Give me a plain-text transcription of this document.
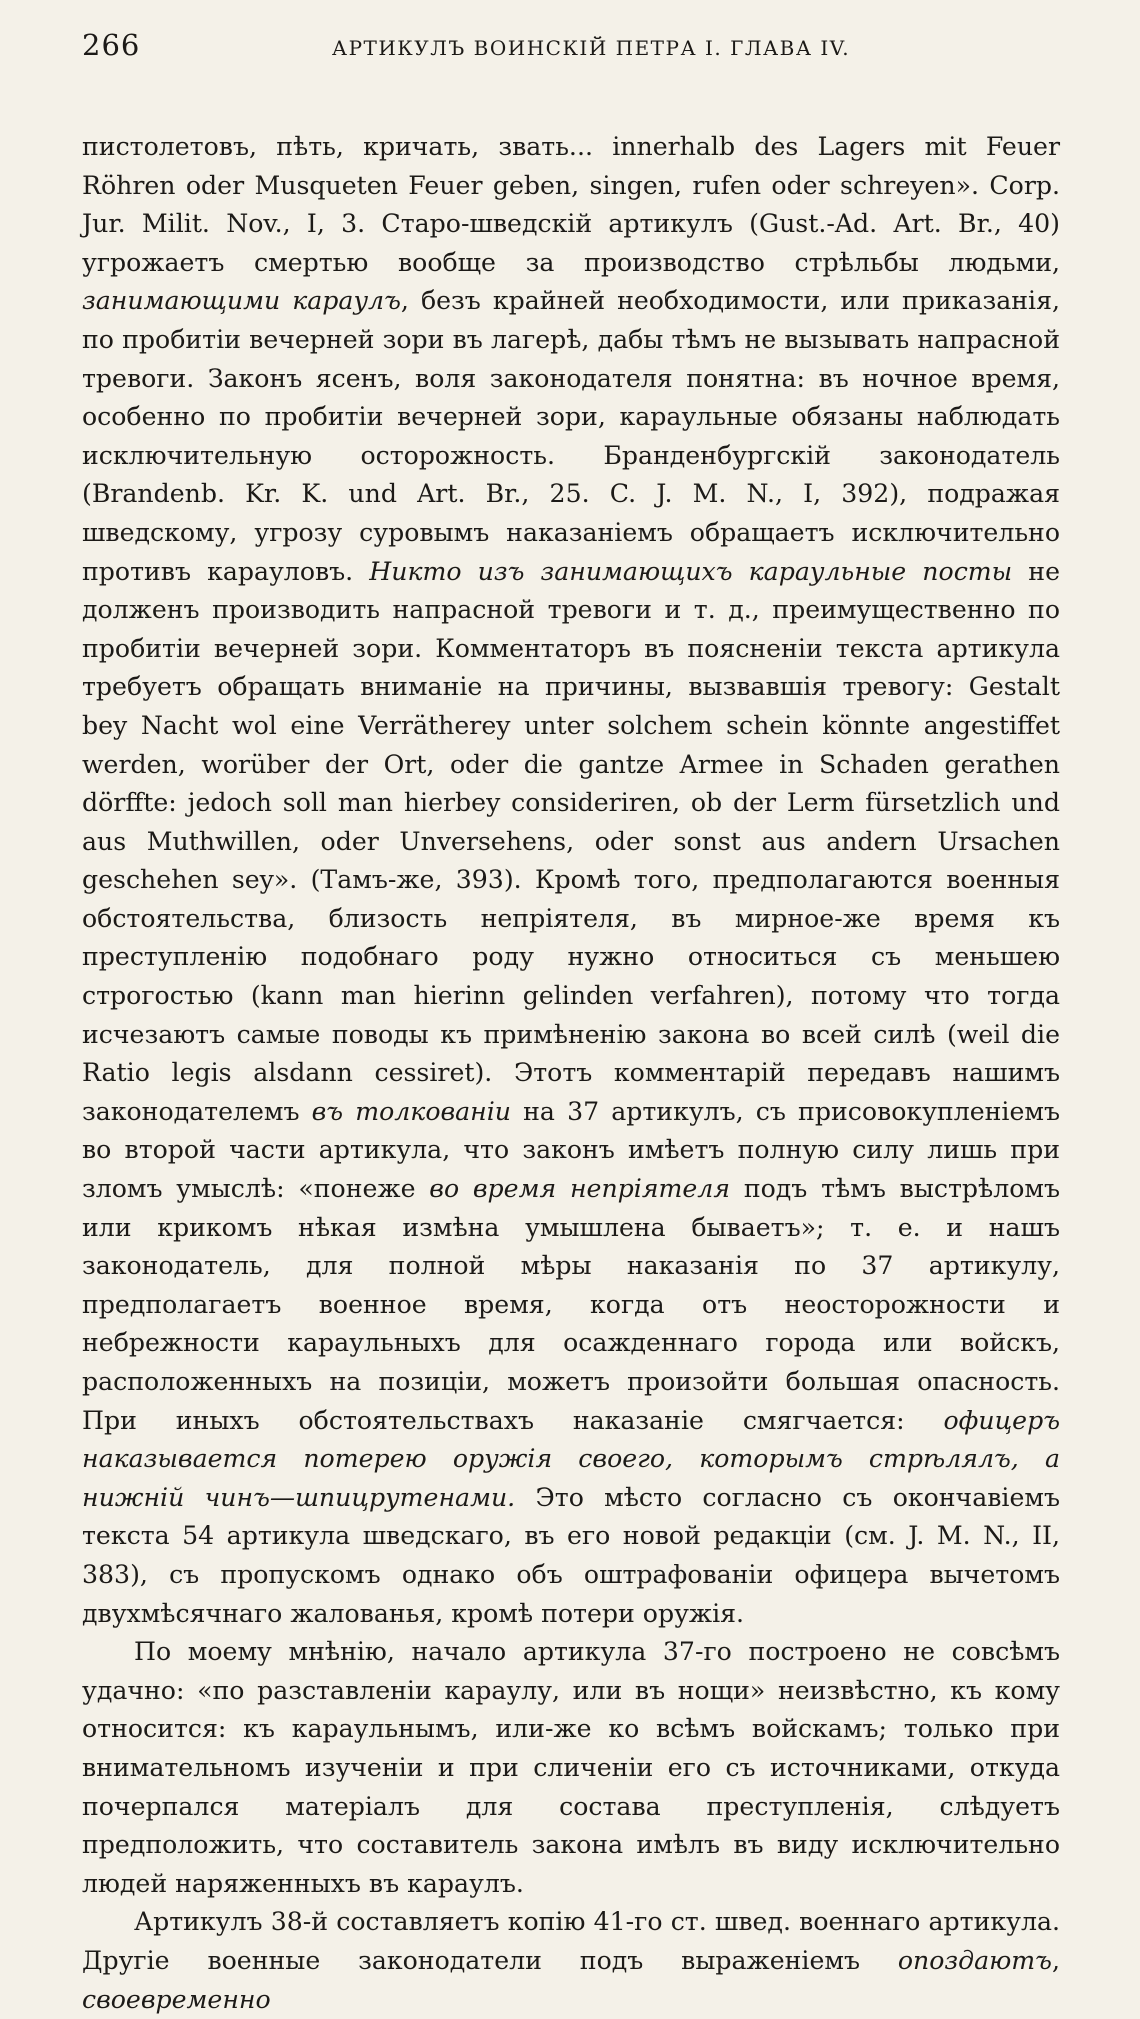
266	АРТИКУЛЪ ВОИНСКІЙ ПЕТРА I. ГЛАВА IV.

пистолетовъ, пѣть, кричать, звать... innerhalb des Lagers mit Feuer Röhren oder Musqueten Feuer geben, singen, rufen oder schreyen». Corp. Jur. Milit. Nov., I, 3. Старо-шведскій артикулъ (Gust.-Ad. Art. Br., 40) угрожаетъ смертью вообще за производство стрѣльбы людьми, занимающими караулъ, безъ крайней необходимости, или приказанія, по пробитіи вечерней зори въ лагерѣ, дабы тѣмъ не вызывать напрасной тревоги. Законъ ясенъ, воля законодателя понятна: въ ночное время, особенно по пробитіи вечерней зори, караульные обязаны наблюдать исключительную осторожность. Бранденбургскій законодатель (Brandenb. Kr. K. und Art. Br., 25. C. J. M. N., I, 392), подражая шведскому, угрозу суровымъ наказаніемъ обращаетъ исключительно противъ карауловъ. Никто изъ занимающихъ караульные посты не долженъ производить напрасной тревоги и т. д., преимущественно по пробитіи вечерней зори. Комментаторъ въ поясненіи текста артикула требуетъ обращать вниманіе на причины, вызвавшія тревогу: Gestalt bey Nacht wol eine Verrätherey unter solchem schein könnte angestiffet werden, worüber der Ort, oder die gantze Armee in Schaden gerathen dörffte: jedoch soll man hierbey consideriren, ob der Lerm fürsetzlich und aus Muthwillen, oder Unversehens, oder sonst aus andern Ursachen geschehen sey». (Тамъ-же, 393). Кромѣ того, предполагаются военныя обстоятельства, близость непріятеля, въ мирное-же время къ преступленію подобнаго роду нужно относиться съ меньшею строгостью (kann man hierinn gelinden verfahren), потому что тогда исчезаютъ самые поводы къ примѣненію закона во всей силѣ (weil die Ratio legis alsdann cessiret). Этотъ комментарій передавъ нашимъ законодателемъ въ толкованіи на 37 артикулъ, съ присовокупленіемъ во второй части артикула, что законъ имѣетъ полную силу лишь при зломъ умыслѣ: «понеже во время непріятеля подъ тѣмъ выстрѣломъ или крикомъ нѣкая измѣна умышлена бываетъ»; т. е. и нашъ законодатель, для полной мѣры наказанія по 37 артикулу, предполагаетъ военное время, когда отъ неосторожности и небрежности караульныхъ для осажденнаго города или войскъ, расположенныхъ на позиціи, можетъ произойти большая опасность. При иныхъ обстоятельствахъ наказаніе смягчается: офицеръ наказывается потерею оружія своего, которымъ стрѣлялъ, а нижній чинъ—шпицрутенами. Это мѣсто согласно съ окончавіемъ текста 54 артикула шведскаго, въ его новой редакціи (см. J. M. N., II, 383), съ пропускомъ однако объ оштрафованіи офицера вычетомъ двухмѣсячнаго жалованья, кромѣ потери оружія.

По моему мнѣнію, начало артикула 37-го построено не совсѣмъ удачно: «по разставленіи караулу, или въ нощи» неизвѣстно, къ кому относится: къ караульнымъ, или-же ко всѣмъ войскамъ; только при внимательномъ изученіи и при сличеніи его съ источниками, откуда почерпался матеріалъ для состава преступленія, слѣдуетъ предположить, что составитель закона имѣлъ въ виду исключительно людей наряженныхъ въ караулъ.

Артикулъ 38-й составляетъ копію 41-го ст. швед. военнаго артикула. Другіе военные законодатели подъ выраженіемъ опоздаютъ, своевременно
